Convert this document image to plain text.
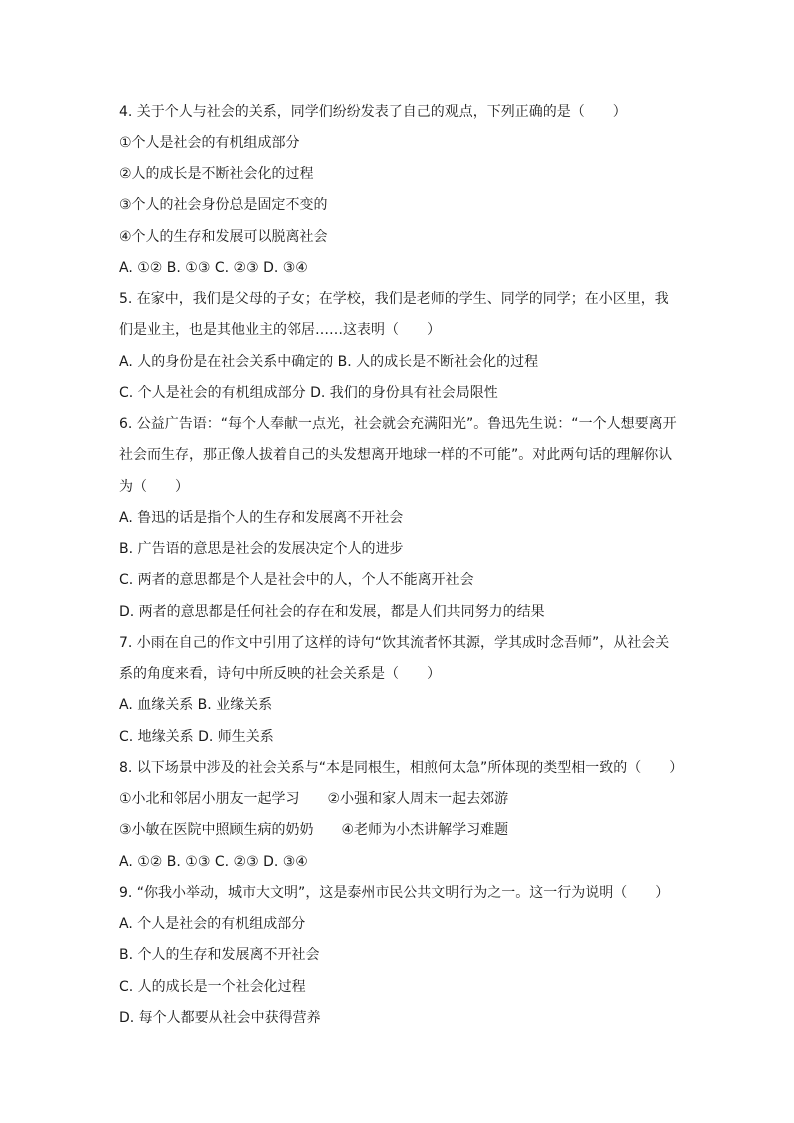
4. 关于个人与社会的关系，同学们纷纷发表了自己的观点，下列正确的是（　　）
①个人是社会的有机组成部分
②人的成长是不断社会化的过程
③个人的社会身份总是固定不变的
④个人的生存和发展可以脱离社会
A. ①② B. ①③ C. ②③ D. ③④
5. 在家中，我们是父母的子女；在学校，我们是老师的学生、同学的同学；在小区里，我
们是业主，也是其他业主的邻居……这表明（　　）
A. 人的身份是在社会关系中确定的 B. 人的成长是不断社会化的过程
C. 个人是社会的有机组成部分 D. 我们的身份具有社会局限性
6. 公益广告语：“每个人奉献一点光，社会就会充满阳光”。鲁迅先生说：“一个人想要离开
社会而生存，那正像人拔着自己的头发想离开地球一样的不可能”。对此两句话的理解你认
为（　　）
A. 鲁迅的话是指个人的生存和发展离不开社会
B. 广告语的意思是社会的发展决定个人的进步
C. 两者的意思都是个人是社会中的人，个人不能离开社会
D. 两者的意思都是任何社会的存在和发展，都是人们共同努力的结果
7. 小雨在自己的作文中引用了这样的诗句“饮其流者怀其源，学其成时念吾师”，从社会关
系的角度来看，诗句中所反映的社会关系是（　　）
A. 血缘关系 B. 业缘关系
C. 地缘关系 D. 师生关系
8. 以下场景中涉及的社会关系与“本是同根生，相煎何太急”所体现的类型相一致的（　　）
①小北和邻居小朋友一起学习　　②小强和家人周末一起去郊游
③小敏在医院中照顾生病的奶奶　　④老师为小杰讲解学习难题
A. ①② B. ①③ C. ②③ D. ③④
9. “你我小举动，城市大文明”，这是泰州市民公共文明行为之一。这一行为说明（　　）
A. 个人是社会的有机组成部分
B. 个人的生存和发展离不开社会
C. 人的成长是一个社会化过程
D. 每个人都要从社会中获得营养
